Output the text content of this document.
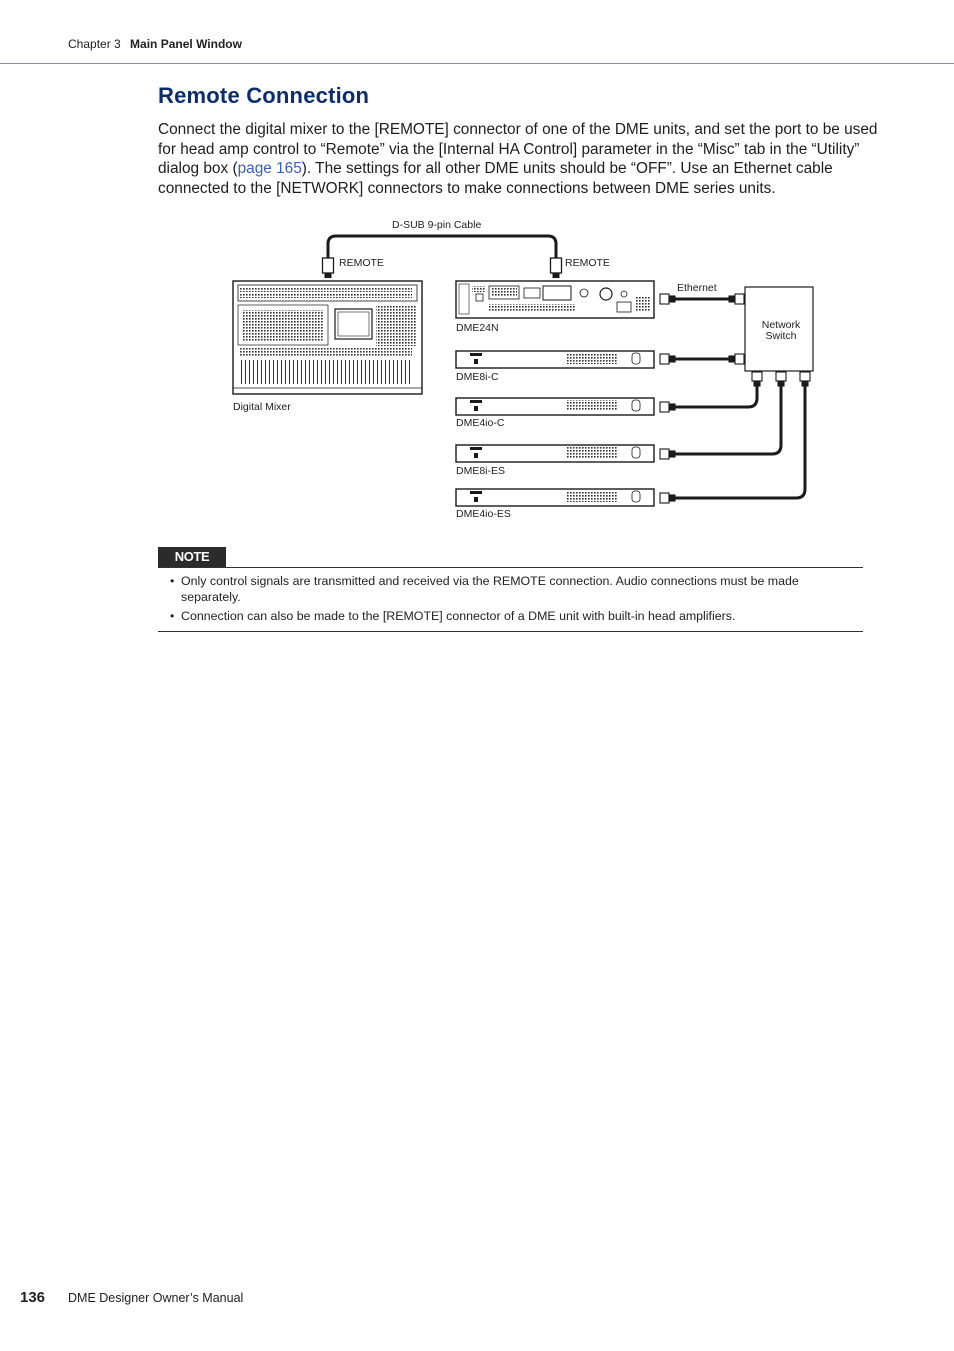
Chapter 3 Main Panel Window
Remote Connection

Connect the digital mixer to the [REMOTE] connector of one of the DME units, and set the port to be used for head amp control to “Remote” via the [Internal HA Control] parameter in the “Misc” tab in the “Utility” dialog box (page 165). The settings for all other DME units should be “OFF”. Use an Ethernet cable connected to the [NETWORK] connectors to make connections between DME series units.

D-SUB 9-pin Cable
REMOTE	REMOTE
Digital Mixer
DME24N
DME8i-C
DME4io-C
DME8i-ES
DME4io-ES
Network
Switch
Ethernet
NOTE
• Only control signals are transmitted and received via the REMOTE connection. Audio connections must be made separately.
• Connection can also be made to the [REMOTE] connector of a DME unit with built-in head amplifiers.
136 DME Designer Owner’s Manual
